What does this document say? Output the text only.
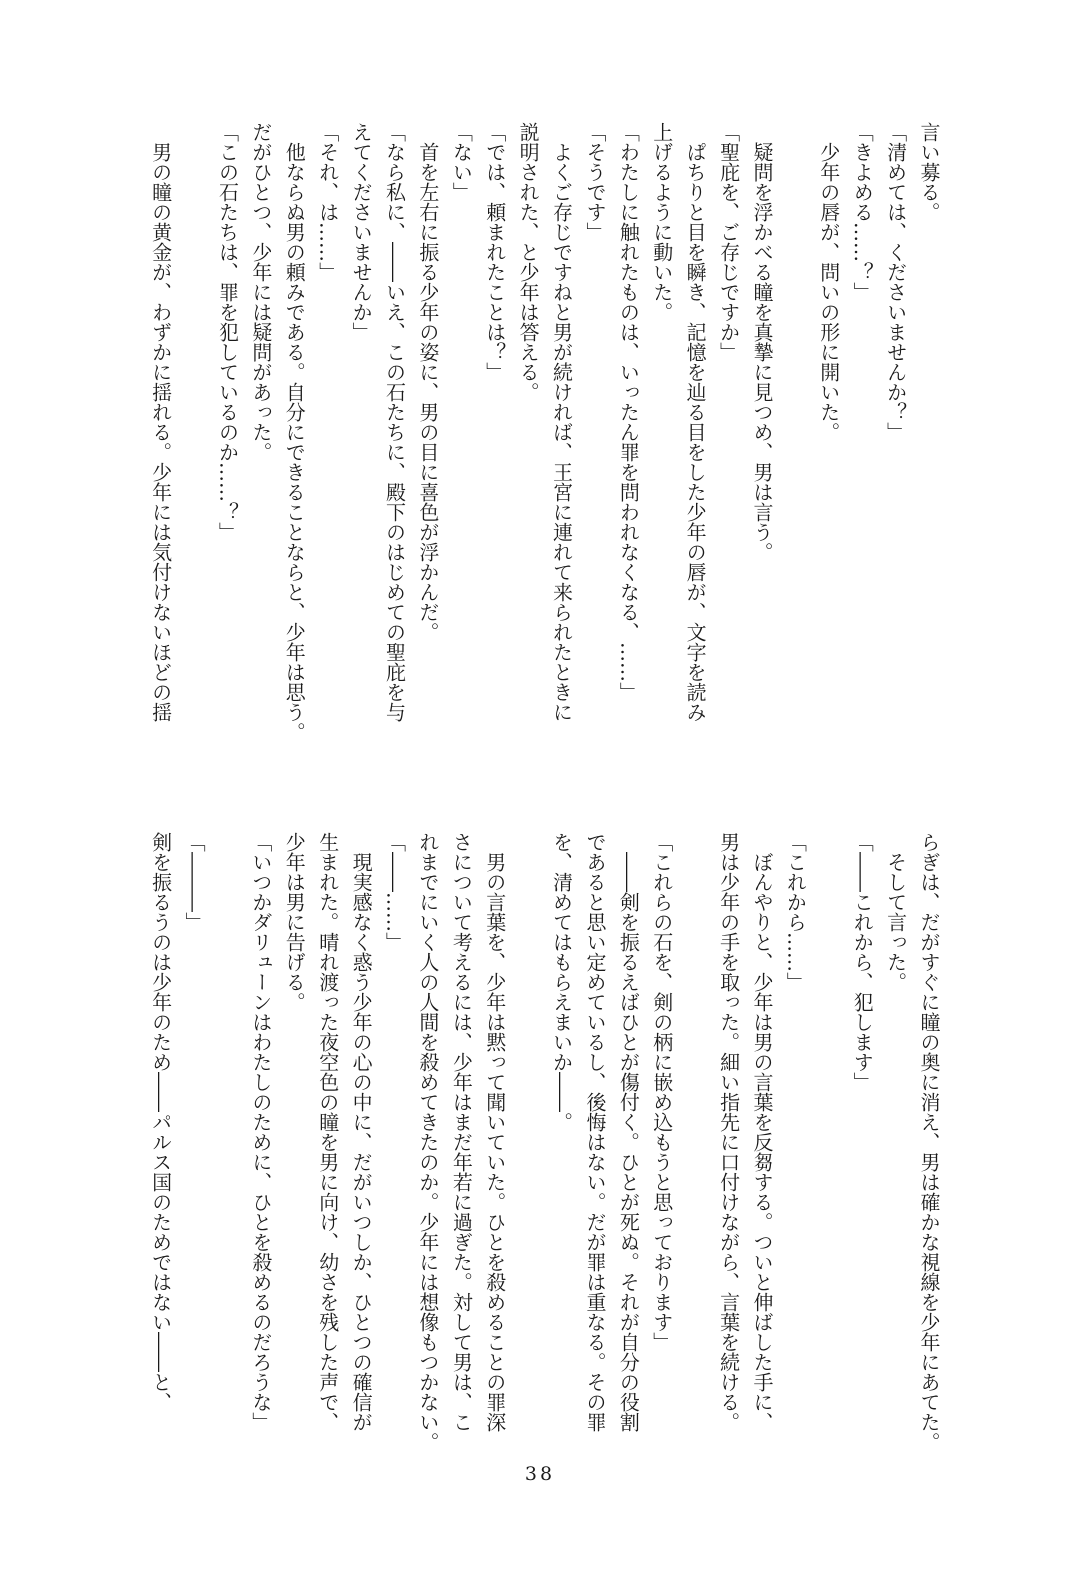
言い募る。
「清めては、くださいませんか？」
「きよめる……？」
　少年の唇が、問いの形に開いた。

　疑問を浮かべる瞳を真摯に見つめ、男は言う。
「聖庇を、ご存じですか」
　ぱちりと目を瞬き、記憶を辿る目をした少年の唇が、文字を読み
上げるように動いた。
「わたしに触れたものは、いったん罪を問われなくなる、……」
「そうです」
　よくご存じですねと男が続ければ、王宮に連れて来られたときに
説明された、と少年は答える。
「では、頼まれたことは？」
「ない」
　首を左右に振る少年の姿に、男の目に喜色が浮かんだ。
「なら私に、――いえ、この石たちに、殿下のはじめての聖庇を与
えてくださいませんか」
「それ、は……」
　他ならぬ男の頼みである。自分にできることならと、少年は思う。
だがひとつ、少年には疑問があった。
「この石たちは、罪を犯しているのか……？」

　男の瞳の黄金が、わずかに揺れる。少年には気付けないほどの揺
らぎは、だがすぐに瞳の奥に消え、男は確かな視線を少年にあてた。
　そして言った。
「――これから、犯します」

「これから……」
　ぼんやりと、少年は男の言葉を反芻する。ついと伸ばした手に、
男は少年の手を取った。細い指先に口付けながら、言葉を続ける。

「これらの石を、剣の柄に嵌め込もうと思っております」
　――剣を振るえばひとが傷付く。ひとが死ぬ。それが自分の役割
であると思い定めているし、後悔はない。だが罪は重なる。その罪
を、清めてはもらえまいか――。

　男の言葉を、少年は黙って聞いていた。ひとを殺めることの罪深
さについて考えるには、少年はまだ年若に過ぎた。対して男は、こ
れまでにいく人の人間を殺めてきたのか。少年には想像もつかない。
「――……」
　現実感なく惑う少年の心の中に、だがいつしか、ひとつの確信が
生まれた。晴れ渡った夜空色の瞳を男に向け、幼さを残した声で、
少年は男に告げる。
「いつかダリューンはわたしのために、ひとを殺めるのだろうな」

「―――」
剣を振るうのは少年のため――パルス国のためではない――と、
38
